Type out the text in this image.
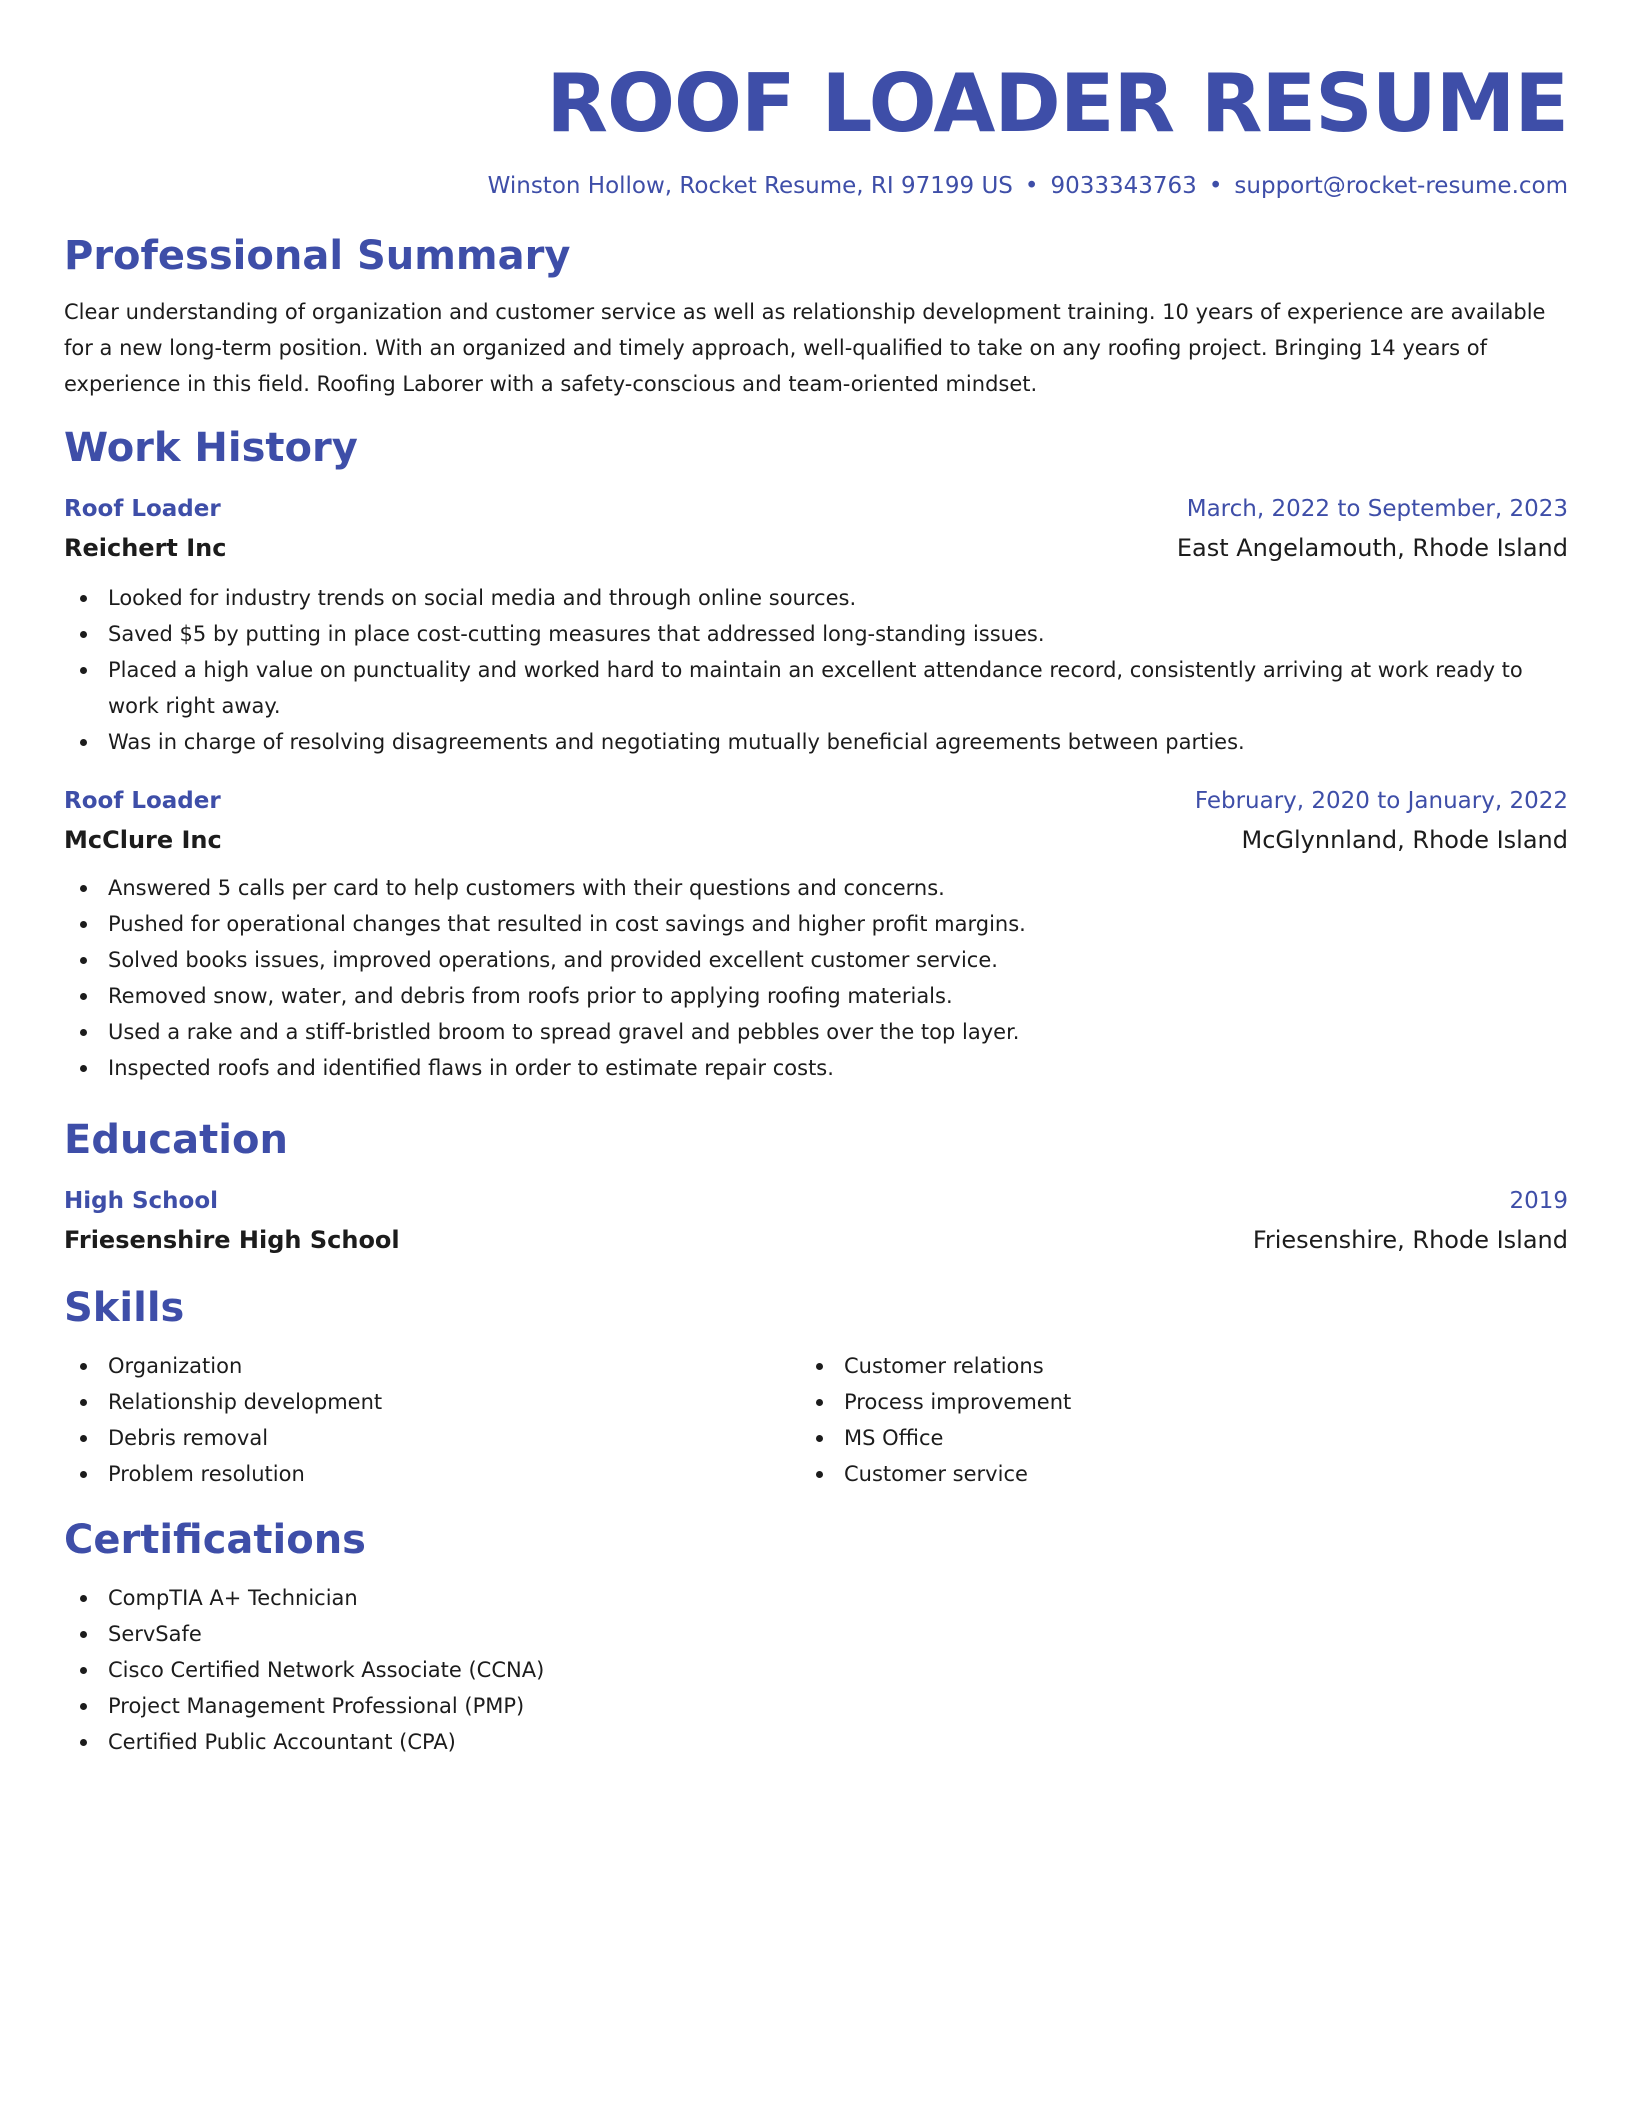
ROOF LOADER RESUME
Winston Hollow, Rocket Resume, RI 97199 US • 9033343763 • support@rocket-resume.com
Professional Summary

Clear understanding of organization and customer service as well as relationship development training. 10 years of experience are available for a new long-term position. With an organized and timely approach, well-qualified to take on any roofing project. Bringing 14 years of experience in this field. Roofing Laborer with a safety-conscious and team-oriented mindset.

Work History
Roof Loader	March, 2022 to September, 2023
Reichert Inc	East Angelamouth, Rhode Island
Looked for industry trends on social media and through online sources.
Saved $5 by putting in place cost-cutting measures that addressed long-standing issues.
Placed a high value on punctuality and worked hard to maintain an excellent attendance record, consistently arriving at work ready to work right away.
Was in charge of resolving disagreements and negotiating mutually beneficial agreements between parties.
Roof Loader	February, 2020 to January, 2022
McClure Inc	McGlynnland, Rhode Island
Answered 5 calls per card to help customers with their questions and concerns.
Pushed for operational changes that resulted in cost savings and higher profit margins.
Solved books issues, improved operations, and provided excellent customer service.
Removed snow, water, and debris from roofs prior to applying roofing materials.
Used a rake and a stiff-bristled broom to spread gravel and pebbles over the top layer.
Inspected roofs and identified flaws in order to estimate repair costs.
Education
High School	2019
Friesenshire High School	Friesenshire, Rhode Island
Skills
Organization
Relationship development
Debris removal
Problem resolution
Customer relations
Process improvement
MS Office
Customer service
Certifications
CompTIA A+ Technician
ServSafe
Cisco Certified Network Associate (CCNA)
Project Management Professional (PMP)
Certified Public Accountant (CPA)
